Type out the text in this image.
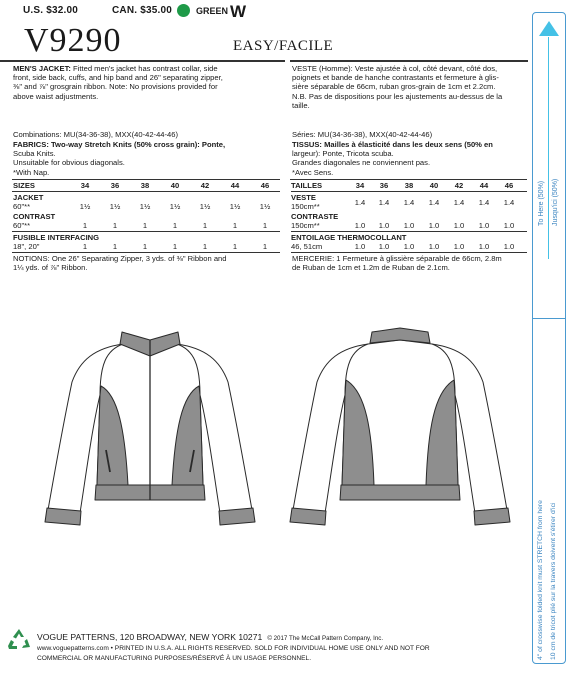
U.S. $32.00	CAN. $35.00	GREEN W
V9290	EASY/FACILE
MEN'S JACKET: Fitted men's jacket has contrast collar, side
front, side back, cuffs, and hip band and 26" separating zipper,
⅜" and ⅞" grosgrain ribbon. Note: No provisions provided for
above waist adjustments.
Combinations: MU(34-36-38), MXX(40-42-44-46)
FABRICS: Two-way Stretch Knits (50% cross grain): Ponte,
Scuba Knits.
Unsuitable for obvious diagonals.
*With Nap.
SIZES	34	36	38	40	42	44	46
JACKET
60"**	1½	1½	1½	1½	1½	1½	1½
CONTRAST
60"**	1	1	1	1	1	1	1
FUSIBLE INTERFACING
18", 20"	1	1	1	1	1	1	1
NOTIONS: One 26" Separating Zipper, 3 yds. of ⅜" Ribbon and
1¼ yds. of ⅞" Ribbon.
VESTE (Homme): Veste ajustée à col, côté devant, côté dos,
poignets et bande de hanche contrastants et fermeture à glis-
sière séparable de 66cm, ruban gros-grain de 1cm et 2.2cm.
N.B. Pas de dispositions pour les ajustements au-dessus de la
taille.
Séries: MU(34-36-38), MXX(40-42-44-46)
TISSUS: Mailles à élasticité dans les deux sens (50% en
largeur): Ponte, Tricota scuba.
Grandes diagonales ne conviennent pas.
*Avec Sens.
TAILLES	34	36	38	40	42	44	46
VESTE
150cm**	1.4	1.4	1.4	1.4	1.4	1.4	1.4
CONTRASTE
150cm**	1.0	1.0	1.0	1.0	1.0	1.0	1.0
ENTOILAGE THERMOCOLLANT
46, 51cm	1.0	1.0	1.0	1.0	1.0	1.0	1.0
MERCERIE: 1 Fermeture à glissière séparable de 66cm, 2.8m
de Ruban de 1cm et 1.2m de Ruban de 2.1cm.
VOGUE PATTERNS, 120 BROADWAY, NEW YORK 10271 © 2017 The McCall Pattern Company, Inc.
www.voguepatterns.com • PRINTED IN U.S.A. ALL RIGHTS RESERVED. SOLD FOR INDIVIDUAL HOME USE ONLY AND NOT FOR
COMMERCIAL OR MANUFACTURING PURPOSES/RÉSERVÉ À UN USAGE PERSONNEL.
To Here (50%) Jusqu'ici (50%)
4" of crosswise folded knit must STRETCH from here 10 cm de tricot plié sur la travers doivent s'étirer d'ici
